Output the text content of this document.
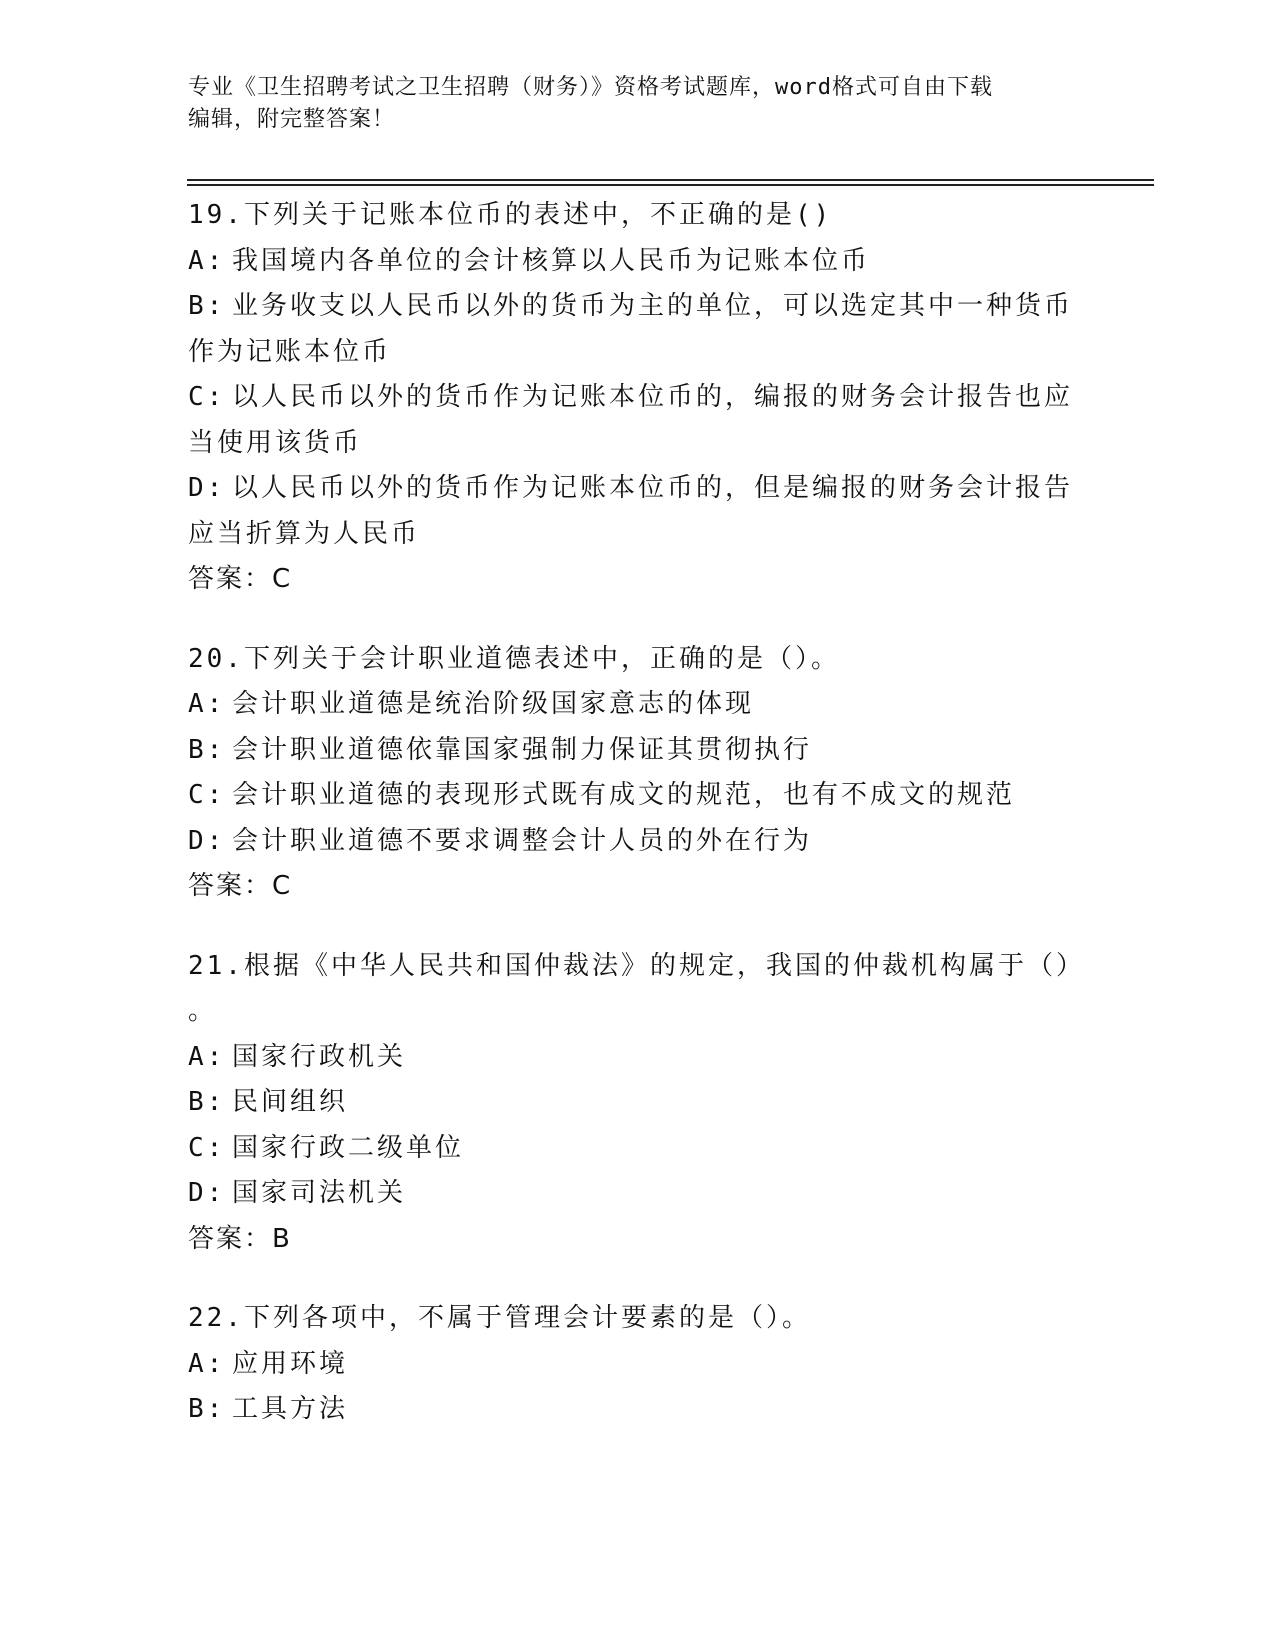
专业《卫生招聘考试之卫生招聘（财务）》资格考试题库，word格式可自由下载
编辑，附完整答案！
19.下列关于记账本位币的表述中，不正确的是()
A: 我国境内各单位的会计核算以人民币为记账本位币
B: 业务收支以人民币以外的货币为主的单位，可以选定其中一种货币
作为记账本位币
C: 以人民币以外的货币作为记账本位币的，编报的财务会计报告也应
当使用该货币
D: 以人民币以外的货币作为记账本位币的，但是编报的财务会计报告
应当折算为人民币
答案：C
20.下列关于会计职业道德表述中，正确的是（）。
A: 会计职业道德是统治阶级国家意志的体现
B: 会计职业道德依靠国家强制力保证其贯彻执行
C: 会计职业道德的表现形式既有成文的规范，也有不成文的规范
D: 会计职业道德不要求调整会计人员的外在行为
答案：C
21.根据《中华人民共和国仲裁法》的规定，我国的仲裁机构属于（）
。
A: 国家行政机关
B: 民间组织
C: 国家行政二级单位
D: 国家司法机关
答案：B
22.下列各项中，不属于管理会计要素的是（）。
A: 应用环境
B: 工具方法
